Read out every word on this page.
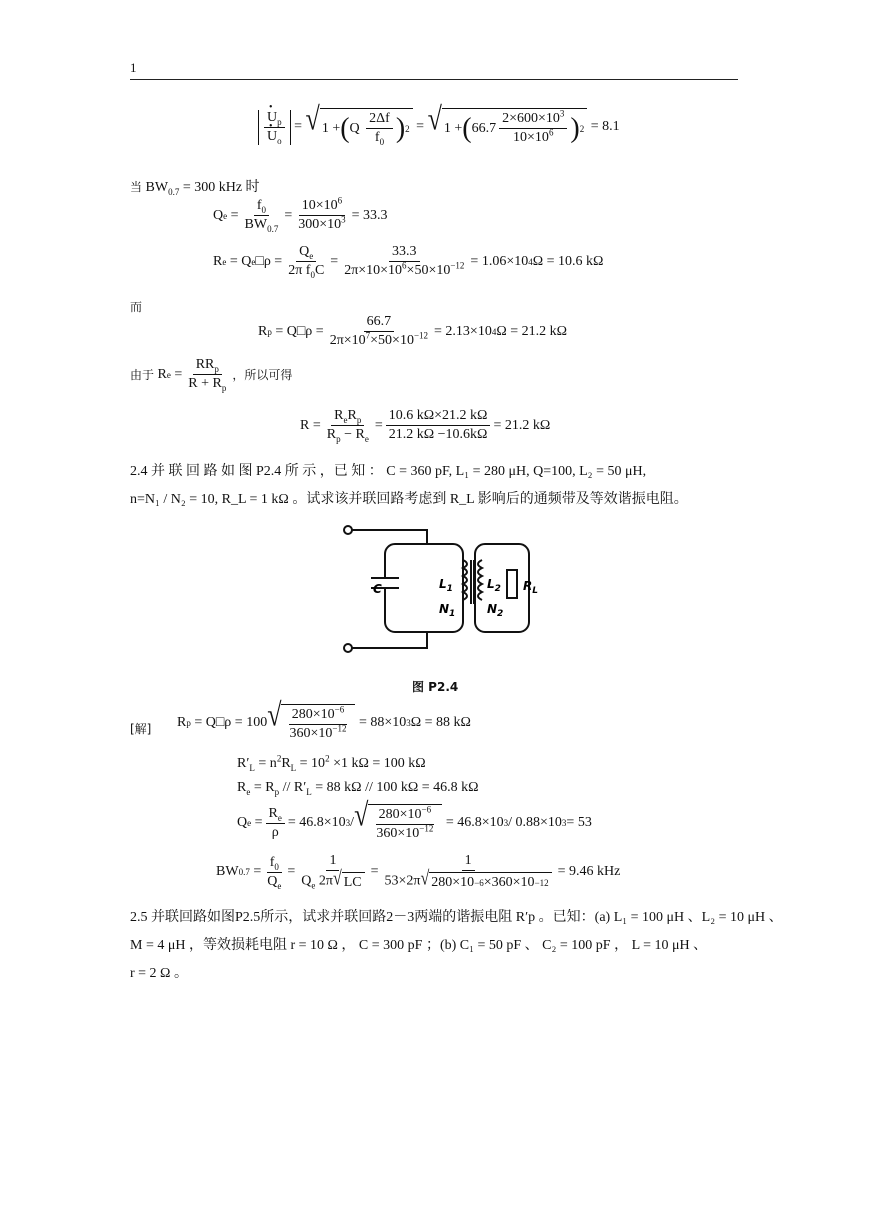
1
• $U_p$
• $U_o$ = √ 1 + ( Q
$\frac{2\Delta f}{f_0}$ ) 2 = √ 1 + ( $66.7 \frac{2\times 600\times 10^3}{10\times 10^6}$ ) 2
= 8.1
当 $BW_{0.7} = 300$ kHz 时
Q $e = \frac{f_0}{BW_{0.7}} = \frac{10\times 10^6}{300\times 10^3} = 33.3$
R e
= Q e □ρ = $\frac{Q_e}{2\pi f_0C} = \frac{33.3}{2\pi\times 10\times 10^6\times 50\times 10^{-12}} = 1.06\times 10$ 4 Ω = 10.6 kΩ
而
R p
= Q□ρ = $\frac{66.7}{2\pi\times 10^7\times 50\times 10^{-12}} = 2.13\times 10$ 4 Ω = 21.2 kΩ
由于
R $e = \frac{RR_p}{R + R_p}$ ，所以可得
$R = \frac{R_eR_p}{R_p - R_e} = \frac{10.6 k\Omega\times 21.2 k\Omega}{21.2 k\Omega -10.6k\Omega} = 21.2$ kΩ
2.4 并 联 回 路 如 图 P2.4 所 示 ，已 知 ： C = 360 pF, L₁ = 280 μH, Q=100, L₂ = 50 μH,
n=N₁ / N₂ = 10, R_L = 1 kΩ 。试求该并联回路考虑到 R_L 影响后的通频带及等效谐振电阻。
C	$L_1$
$N_1$
$L_2$
$N_2$
$R_L$
图 P2.4
[解] R p
= Q□ρ = 100 √ $\frac{280\times 10^{-6}}{360\times 10^{-12}}$
= 88×10 3 Ω = 88 kΩ
$R'_L = n^2R_L = 10^2 \times 1$ kΩ = 100 kΩ
$R_e = R_p // R'_L = 88$ kΩ // 100 kΩ = 46.8 kΩ
Q $e = \frac{R_e}{\rho} = 46.8\times 10$ 3 / √ $\frac{280\times 10^{-6}}{360\times 10^{-12}}$
= 46.8×10 3 / 0.88×10 3 = 53
BW $0.7 = \frac{f_0}{Q_e} = \frac{1}{Q_e 2\pi √ LC} = \frac{1}{53\times 2\pi √ 280\times 10 -6 \times 360\times 10 -12} = 9.46$ kHz
2.5 并联回路如图P2.5所示，试求并联回路2－3两端的谐振电阻 R′p 。已知：(a) L₁ = 100 μH 、L₂ = 10 μH 、
M = 4 μH ，等效损耗电阻 r = 10 Ω ， C = 300 pF ；(b) C₁ = 50 pF 、 C₂ = 100 pF ， L = 10 μH 、
r = 2 Ω 。
